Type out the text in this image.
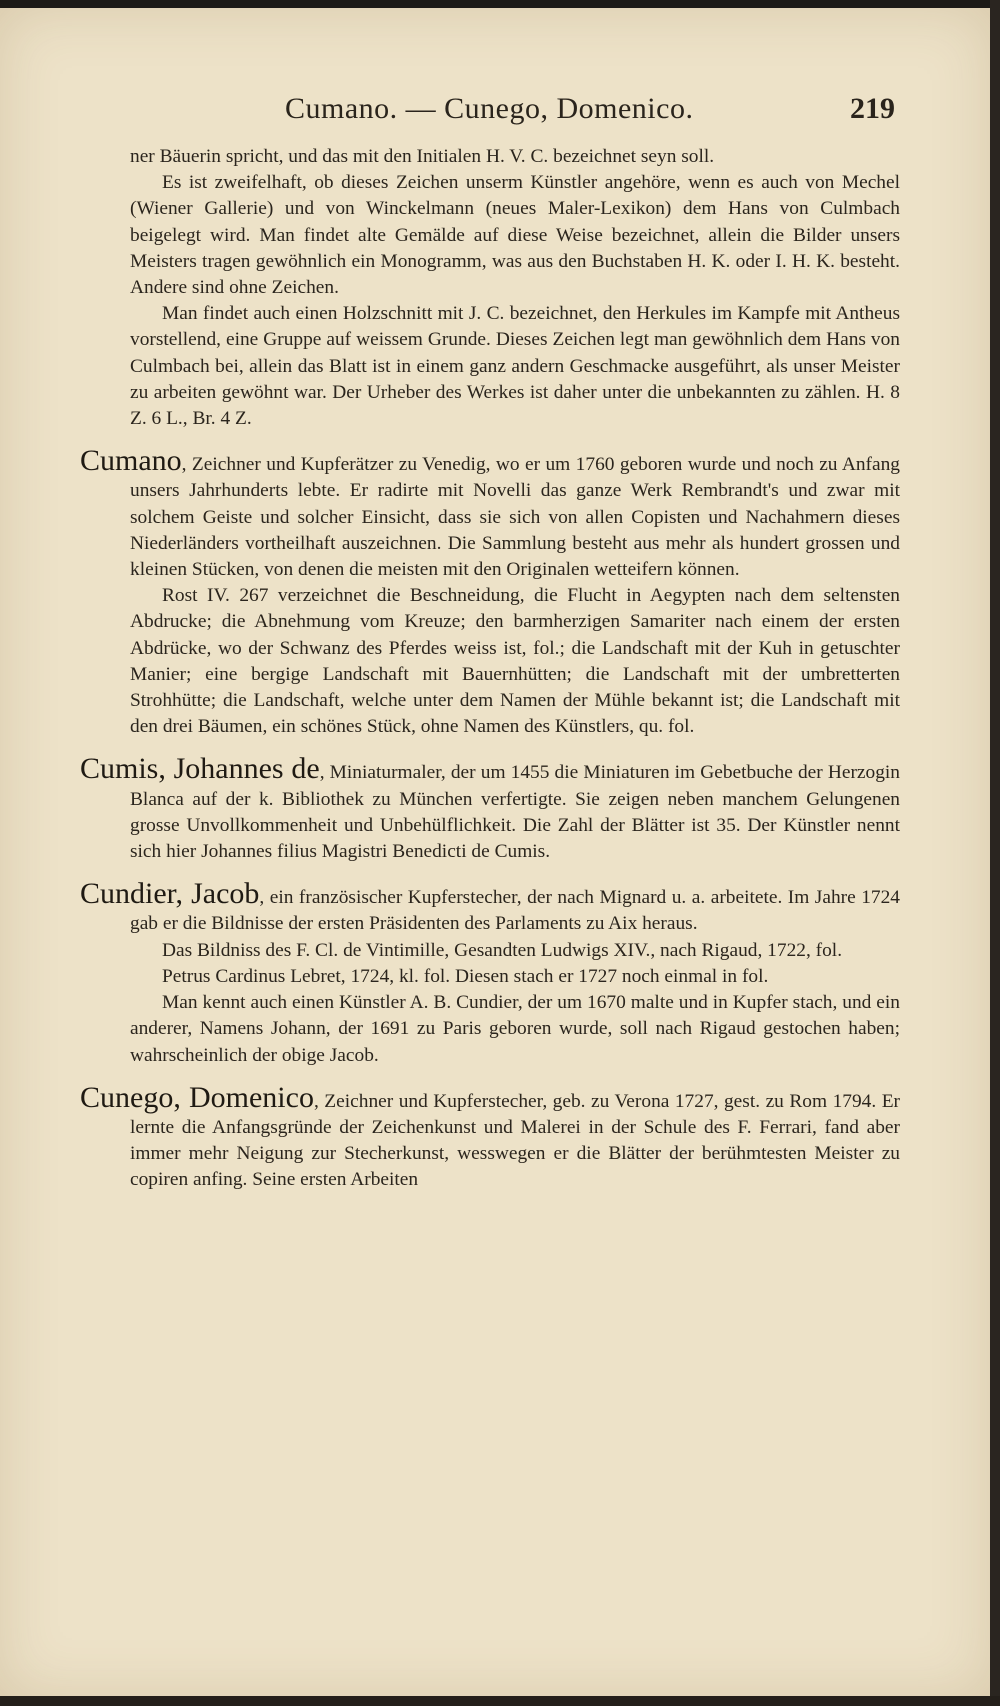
Cumano. — Cunego, Domenico.	219

ner Bäuerin spricht, und das mit den Initialen H. V. C. bezeichnet seyn soll.

Es ist zweifelhaft, ob dieses Zeichen unserm Künstler angehöre, wenn es auch von Mechel (Wiener Gallerie) und von Winckelmann (neues Maler-Lexikon) dem Hans von Culmbach beigelegt wird. Man findet alte Gemälde auf diese Weise bezeichnet, allein die Bilder unsers Meisters tragen gewöhnlich ein Monogramm, was aus den Buchstaben H. K. oder I. H. K. besteht. Andere sind ohne Zeichen.

Man findet auch einen Holzschnitt mit J. C. bezeichnet, den Herkules im Kampfe mit Antheus vorstellend, eine Gruppe auf weissem Grunde. Dieses Zeichen legt man gewöhnlich dem Hans von Culmbach bei, allein das Blatt ist in einem ganz andern Geschmacke ausgeführt, als unser Meister zu arbeiten gewöhnt war. Der Urheber des Werkes ist daher unter die unbekannten zu zählen. H. 8 Z. 6 L., Br. 4 Z.

Cumano, Zeichner und Kupferätzer zu Venedig, wo er um 1760 geboren wurde und noch zu Anfang unsers Jahrhunderts lebte. Er radirte mit Novelli das ganze Werk Rembrandt's und zwar mit solchem Geiste und solcher Einsicht, dass sie sich von allen Copisten und Nachahmern dieses Niederländers vortheilhaft auszeichnen. Die Sammlung besteht aus mehr als hundert grossen und kleinen Stücken, von denen die meisten mit den Originalen wetteifern können.

Rost IV. 267 verzeichnet die Beschneidung, die Flucht in Aegypten nach dem seltensten Abdrucke; die Abnehmung vom Kreuze; den barmherzigen Samariter nach einem der ersten Abdrücke, wo der Schwanz des Pferdes weiss ist, fol.; die Landschaft mit der Kuh in getuschter Manier; eine bergige Landschaft mit Bauernhütten; die Landschaft mit der umbretterten Strohhütte; die Landschaft, welche unter dem Namen der Mühle bekannt ist; die Landschaft mit den drei Bäumen, ein schönes Stück, ohne Namen des Künstlers, qu. fol.

Cumis, Johannes de, Miniaturmaler, der um 1455 die Miniaturen im Gebetbuche der Herzogin Blanca auf der k. Bibliothek zu München verfertigte. Sie zeigen neben manchem Gelungenen grosse Unvollkommenheit und Unbehülflichkeit. Die Zahl der Blätter ist 35. Der Künstler nennt sich hier Johannes filius Magistri Benedicti de Cumis.
Cundier, Jacob, ein französischer Kupferstecher, der nach Mignard u. a. arbeitete. Im Jahre 1724 gab er die Bildnisse der ersten Präsidenten des Parlaments zu Aix heraus.

Das Bildniss des F. Cl. de Vintimille, Gesandten Ludwigs XIV., nach Rigaud, 1722, fol.

Petrus Cardinus Lebret, 1724, kl. fol. Diesen stach er 1727 noch einmal in fol.

Man kennt auch einen Künstler A. B. Cundier, der um 1670 malte und in Kupfer stach, und ein anderer, Namens Johann, der 1691 zu Paris geboren wurde, soll nach Rigaud gestochen haben; wahrscheinlich der obige Jacob.

Cunego, Domenico, Zeichner und Kupferstecher, geb. zu Verona 1727, gest. zu Rom 1794. Er lernte die Anfangsgründe der Zeichenkunst und Malerei in der Schule des F. Ferrari, fand aber immer mehr Neigung zur Stecherkunst, wesswegen er die Blätter der berühmtesten Meister zu copiren anfing. Seine ersten Arbeiten
